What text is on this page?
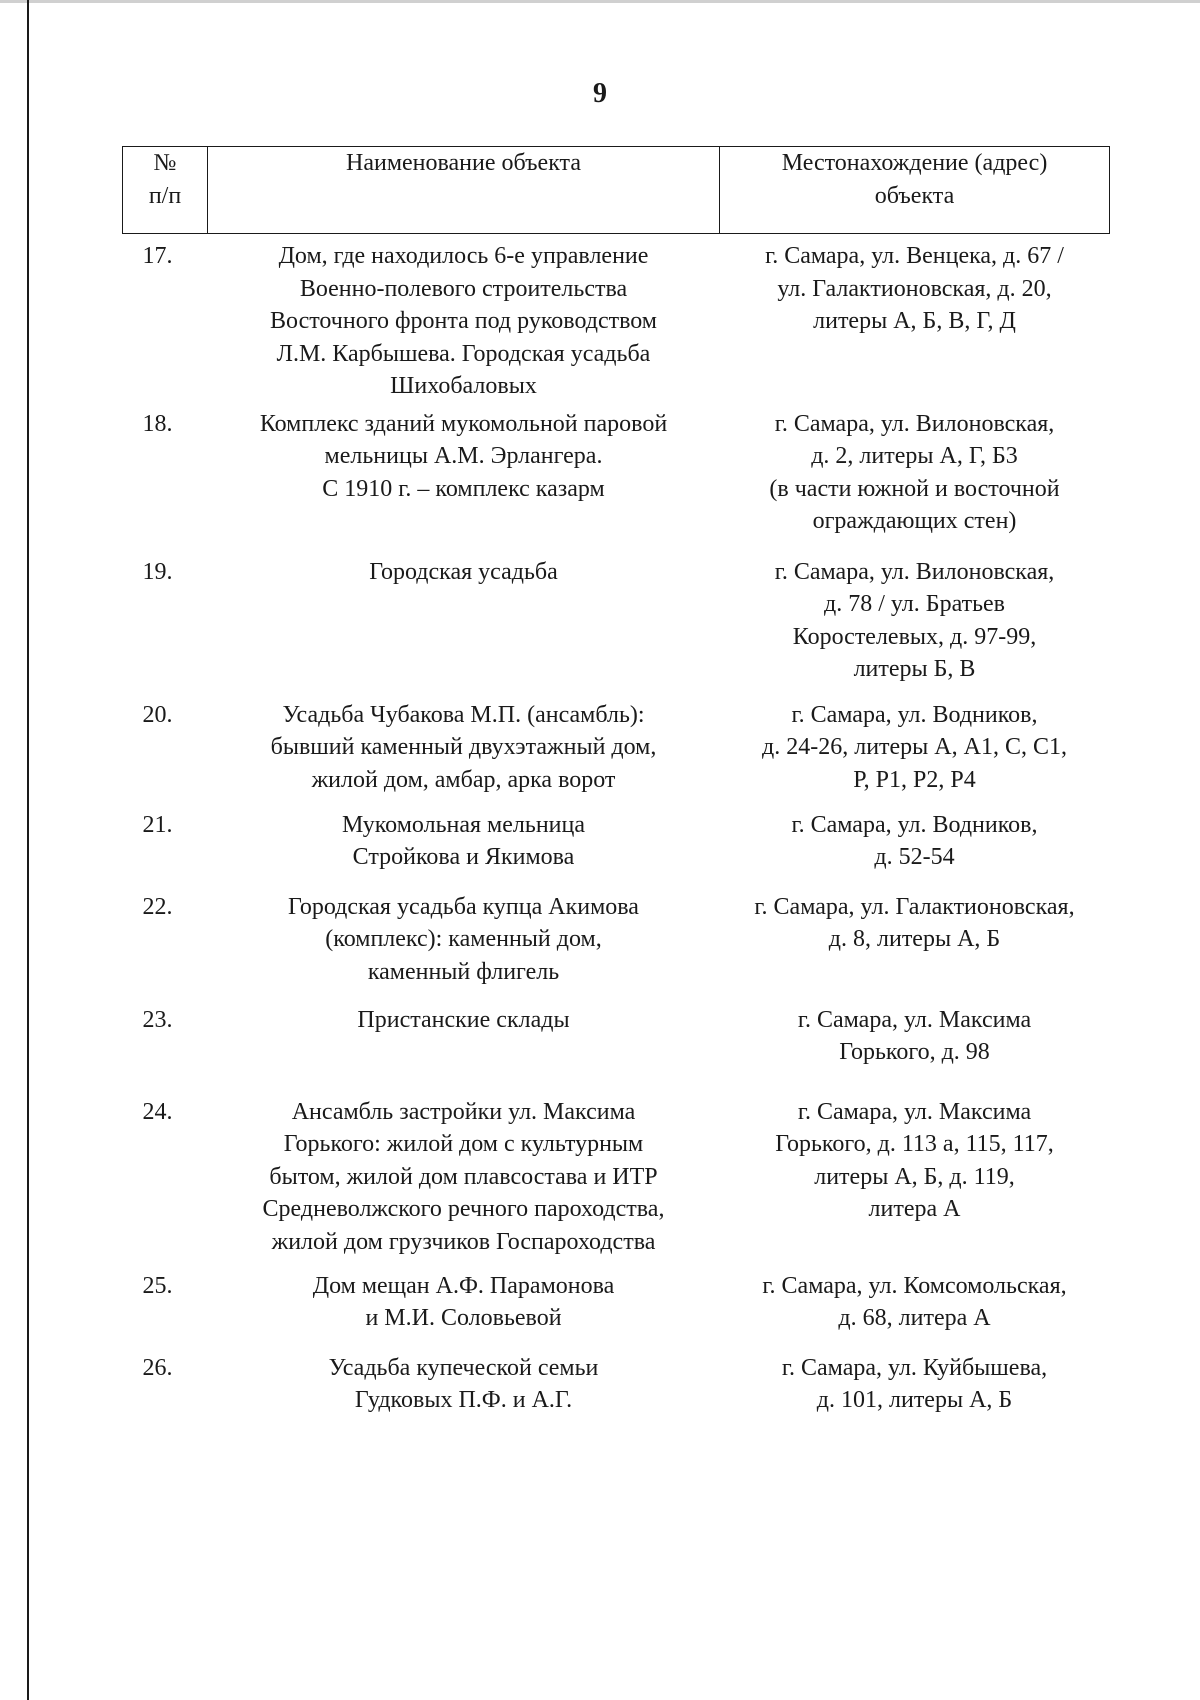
9
№
п/п	Наименование объекта	Местонахождение (адрес)
объекта

17.	Дом, где находилось 6-е управление
Военно-полевого строительства
Восточного фронта под руководством
Л.М. Карбышева. Городская усадьба
Шихобаловых	г. Самара, ул. Венцека, д. 67 /
ул. Галактионовская, д. 20,
литеры А, Б, В, Г, Д

18.	Комплекс зданий мукомольной паровой
мельницы А.М. Эрлангера.
С 1910 г. – комплекс казарм	г. Самара, ул. Вилоновская,
д. 2, литеры А, Г, Б3
(в части южной и восточной
ограждающих стен)

19.	Городская усадьба	г. Самара, ул. Вилоновская,
д. 78 / ул. Братьев
Коростелевых, д. 97-99,
литеры Б, В

20.	Усадьба Чубакова М.П. (ансамбль):
бывший каменный двухэтажный дом,
жилой дом, амбар, арка ворот	г. Самара, ул. Водников,
д. 24-26, литеры А, А1, С, С1,
Р, Р1, Р2, Р4

21.	Мукомольная мельница
Стройкова и Якимова	г. Самара, ул. Водников,
д. 52-54

22.	Городская усадьба купца Акимова
(комплекс): каменный дом,
каменный флигель	г. Самара, ул. Галактионовская,
д. 8, литеры А, Б

23.	Пристанские склады	г. Самара, ул. Максима
Горького, д. 98

24.	Ансамбль застройки ул. Максима
Горького: жилой дом с культурным
бытом, жилой дом плавсостава и ИТР
Средневолжского речного пароходства,
жилой дом грузчиков Госпароходства	г. Самара, ул. Максима
Горького, д. 113 а, 115, 117,
литеры А, Б, д. 119,
литера А

25.	Дом мещан А.Ф. Парамонова
и М.И. Соловьевой	г. Самара, ул. Комсомольская,
д. 68, литера А

26.	Усадьба купеческой семьи
Гудковых П.Ф. и А.Г.	г. Самара, ул. Куйбышева,
д. 101, литеры А, Б
